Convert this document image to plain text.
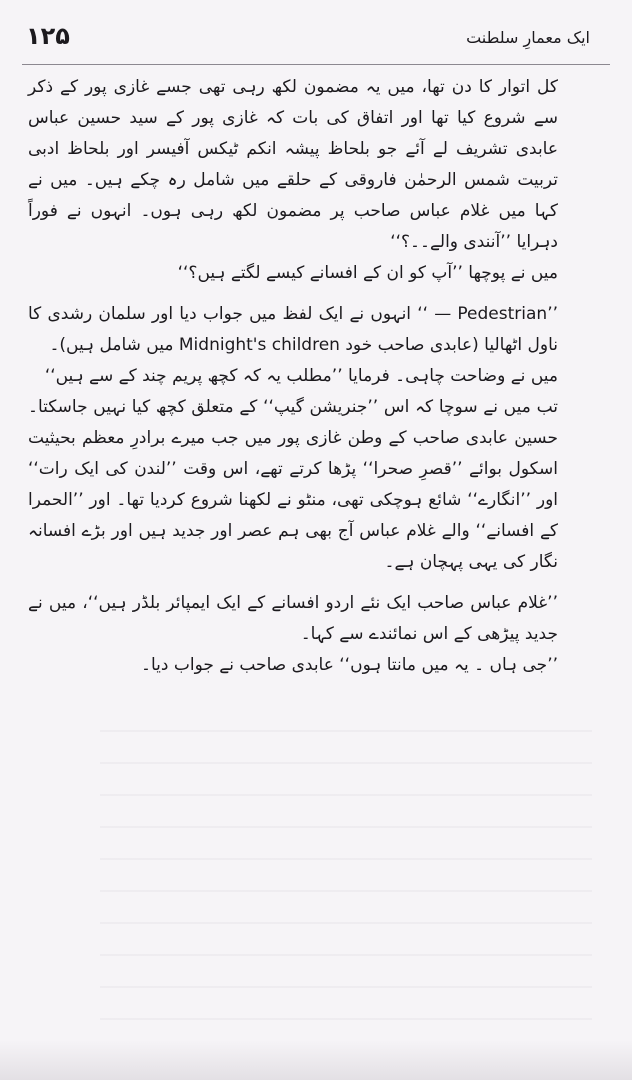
۱۲۵	ایک معمارِ سلطنت

کل اتوار کا دن تھا، میں یہ مضمون لکھ رہی تھی جسے غازی پور کے ذکر سے شروع کیا تھا اور اتفاق کی بات کہ غازی پور کے سید حسین عباس عابدی تشریف لے آئے جو بلحاظ پیشہ انکم ٹیکس آفیسر اور بلحاظ ادبی تربیت شمس الرحمٰن فاروقی کے حلقے میں شامل رہ چکے ہیں۔ میں نے کہا میں غلام عباس صاحب پر مضمون لکھ رہی ہوں۔ انہوں نے فوراً دہرایا ’’آنندی والے۔۔؟‘‘

میں نے پوچھا ’’آپ کو ان کے افسانے کیسے لگتے ہیں؟‘‘

’’Pedestrian — ‘‘ انہوں نے ایک لفظ میں جواب دیا اور سلمان رشدی کا ناول اٹھالیا (عابدی صاحب خود Midnight's children میں شامل ہیں)۔

میں نے وضاحت چاہی۔ فرمایا ’’مطلب یہ کہ کچھ پریم چند کے سے ہیں‘‘

تب میں نے سوچا کہ اس ’’جنریشن گیپ‘‘ کے متعلق کچھ کیا نہیں جاسکتا۔ حسین عابدی صاحب کے وطن غازی پور میں جب میرے برادرِ معظم بحیثیت اسکول بوائے ’’قصرِ صحرا‘‘ پڑھا کرتے تھے، اس وقت ’’لندن کی ایک رات‘‘ اور ’’انگارے‘‘ شائع ہوچکی تھی، منٹو نے لکھنا شروع کردیا تھا۔ اور ’’الحمرا کے افسانے‘‘ والے غلام عباس آج بھی ہم عصر اور جدید ہیں اور بڑے افسانہ نگار کی یہی پہچان ہے۔

’’غلام عباس صاحب ایک نئے اردو افسانے کے ایک ایمپائر بلڈر ہیں‘‘، میں نے جدید پیڑھی کے اس نمائندے سے کہا۔

’’جی ہاں ۔ یہ میں مانتا ہوں‘‘ عابدی صاحب نے جواب دیا۔
